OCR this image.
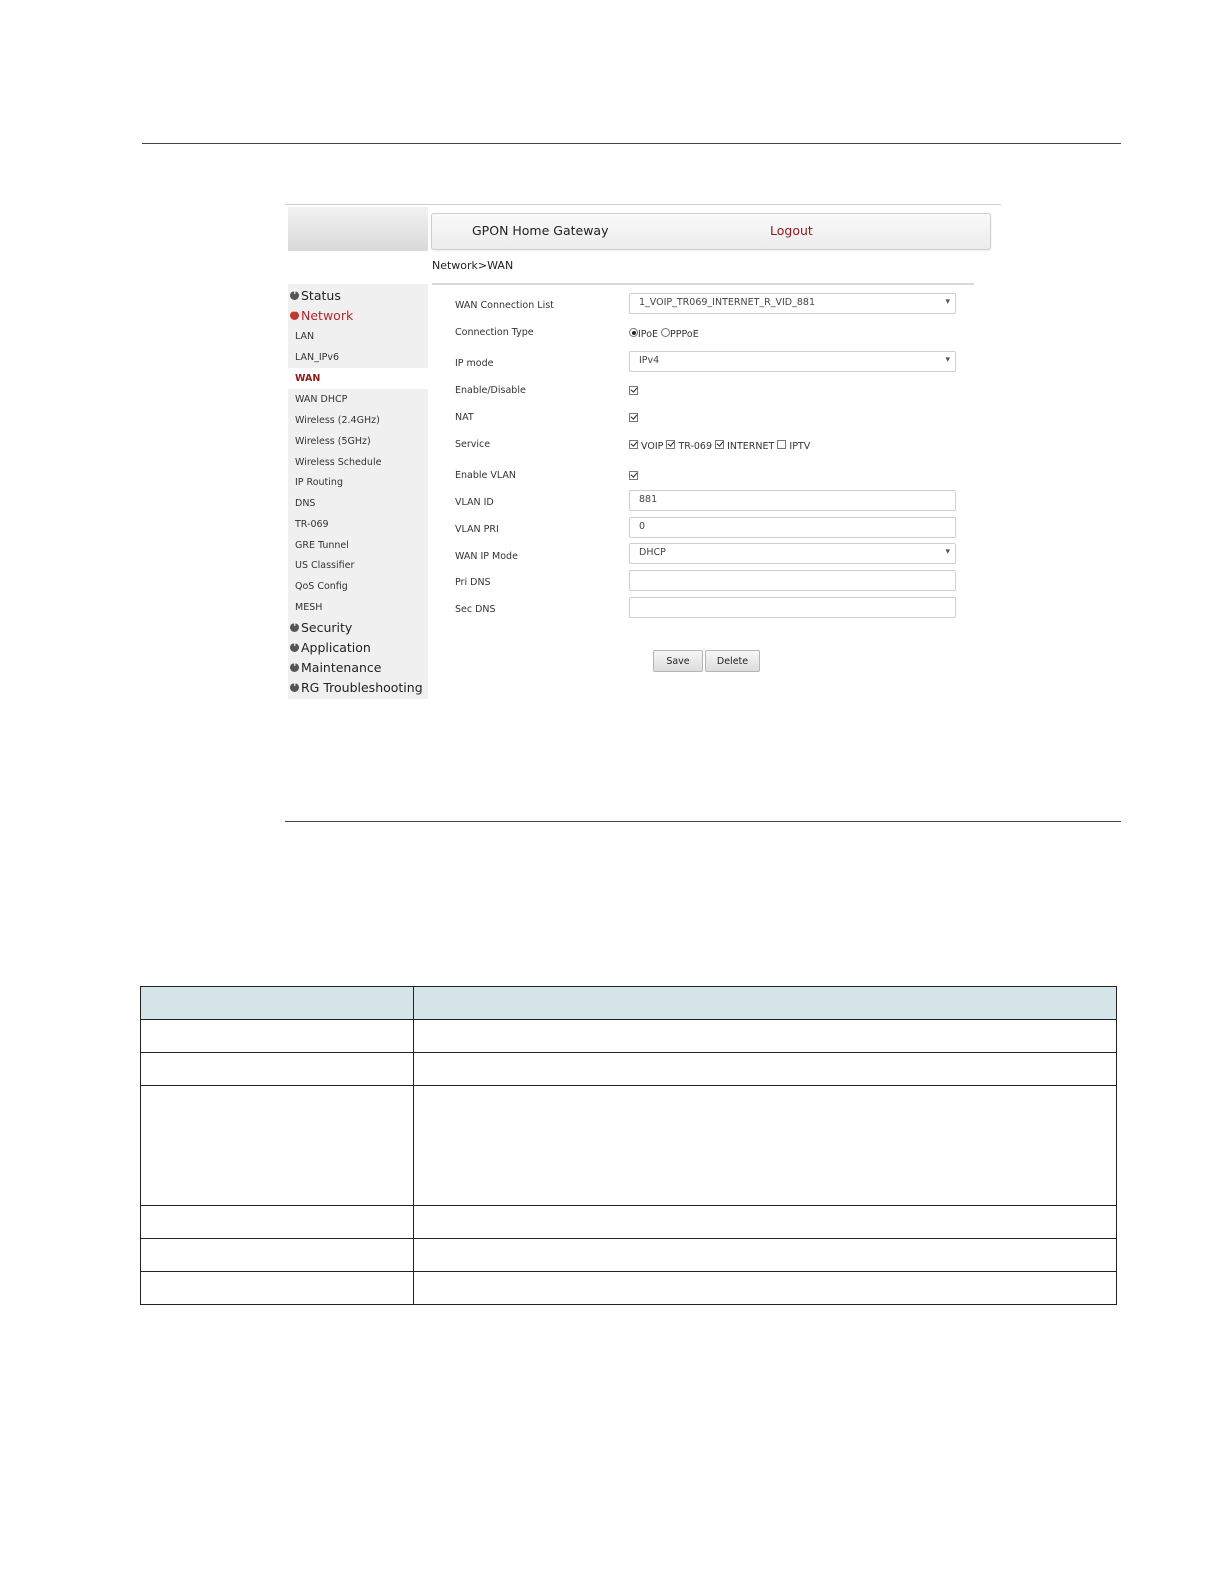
GPON Home Gateway	Logout
+Status
−Network
LAN
LAN_IPv6
WAN
WAN DHCP
Wireless (2.4GHz)
Wireless (5GHz)
Wireless Schedule
IP Routing
DNS
TR-069
GRE Tunnel
US Classifier
QoS Config
MESH
+Security
+Application
+Maintenance
+RG Troubleshooting
Network>WAN
WAN Connection List	1_VOIP_TR069_INTERNET_R_VID_881 ▾
Connection Type	IPoE PPPoE
IP mode	IPv4 ▾
Enable/Disable
NAT
Service	VOIP TR-069 INTERNET IPTV
Enable VLAN
VLAN ID	881
VLAN PRI	0
WAN IP Mode	DHCP ▾
Pri DNS
Sec DNS
Save	Delete
